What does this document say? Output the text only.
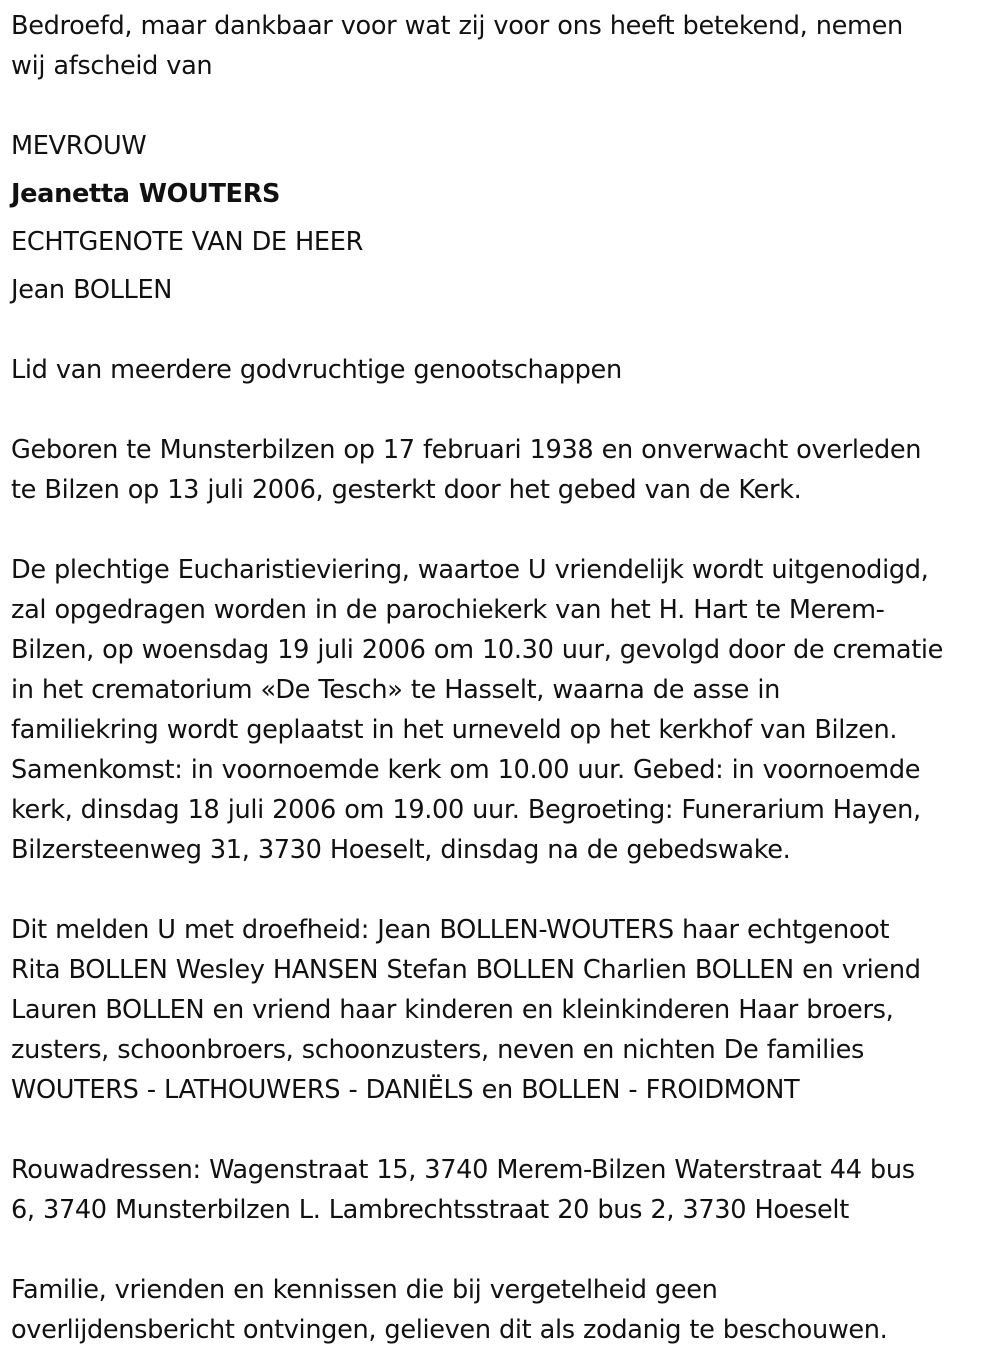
Bedroefd, maar dankbaar voor wat zij voor ons heeft betekend, nemen
wij afscheid van

MEVROUW
Jeanetta WOUTERS
ECHTGENOTE VAN DE HEER
Jean BOLLEN

Lid van meerdere godvruchtige genootschappen

Geboren te Munsterbilzen op 17 februari 1938 en onverwacht overleden
te Bilzen op 13 juli 2006, gesterkt door het gebed van de Kerk.

De plechtige Eucharistieviering, waartoe U vriendelijk wordt uitgenodigd,
zal opgedragen worden in de parochiekerk van het H. Hart te Merem-
Bilzen, op woensdag 19 juli 2006 om 10.30 uur, gevolgd door de crematie
in het crematorium «De Tesch» te Hasselt, waarna de asse in
familiekring wordt geplaatst in het urneveld op het kerkhof van Bilzen.
Samenkomst: in voornoemde kerk om 10.00 uur. Gebed: in voornoemde
kerk, dinsdag 18 juli 2006 om 19.00 uur. Begroeting: Funerarium Hayen,
Bilzersteenweg 31, 3730 Hoeselt, dinsdag na de gebedswake.

Dit melden U met droefheid: Jean BOLLEN-WOUTERS haar echtgenoot
Rita BOLLEN Wesley HANSEN Stefan BOLLEN Charlien BOLLEN en vriend
Lauren BOLLEN en vriend haar kinderen en kleinkinderen Haar broers,
zusters, schoonbroers, schoonzusters, neven en nichten De families
WOUTERS - LATHOUWERS - DANIËLS en BOLLEN - FROIDMONT

Rouwadressen: Wagenstraat 15, 3740 Merem-Bilzen Waterstraat 44 bus
6, 3740 Munsterbilzen L. Lambrechtsstraat 20 bus 2, 3730 Hoeselt

Familie, vrienden en kennissen die bij vergetelheid geen
overlijdensbericht ontvingen, gelieven dit als zodanig te beschouwen.
